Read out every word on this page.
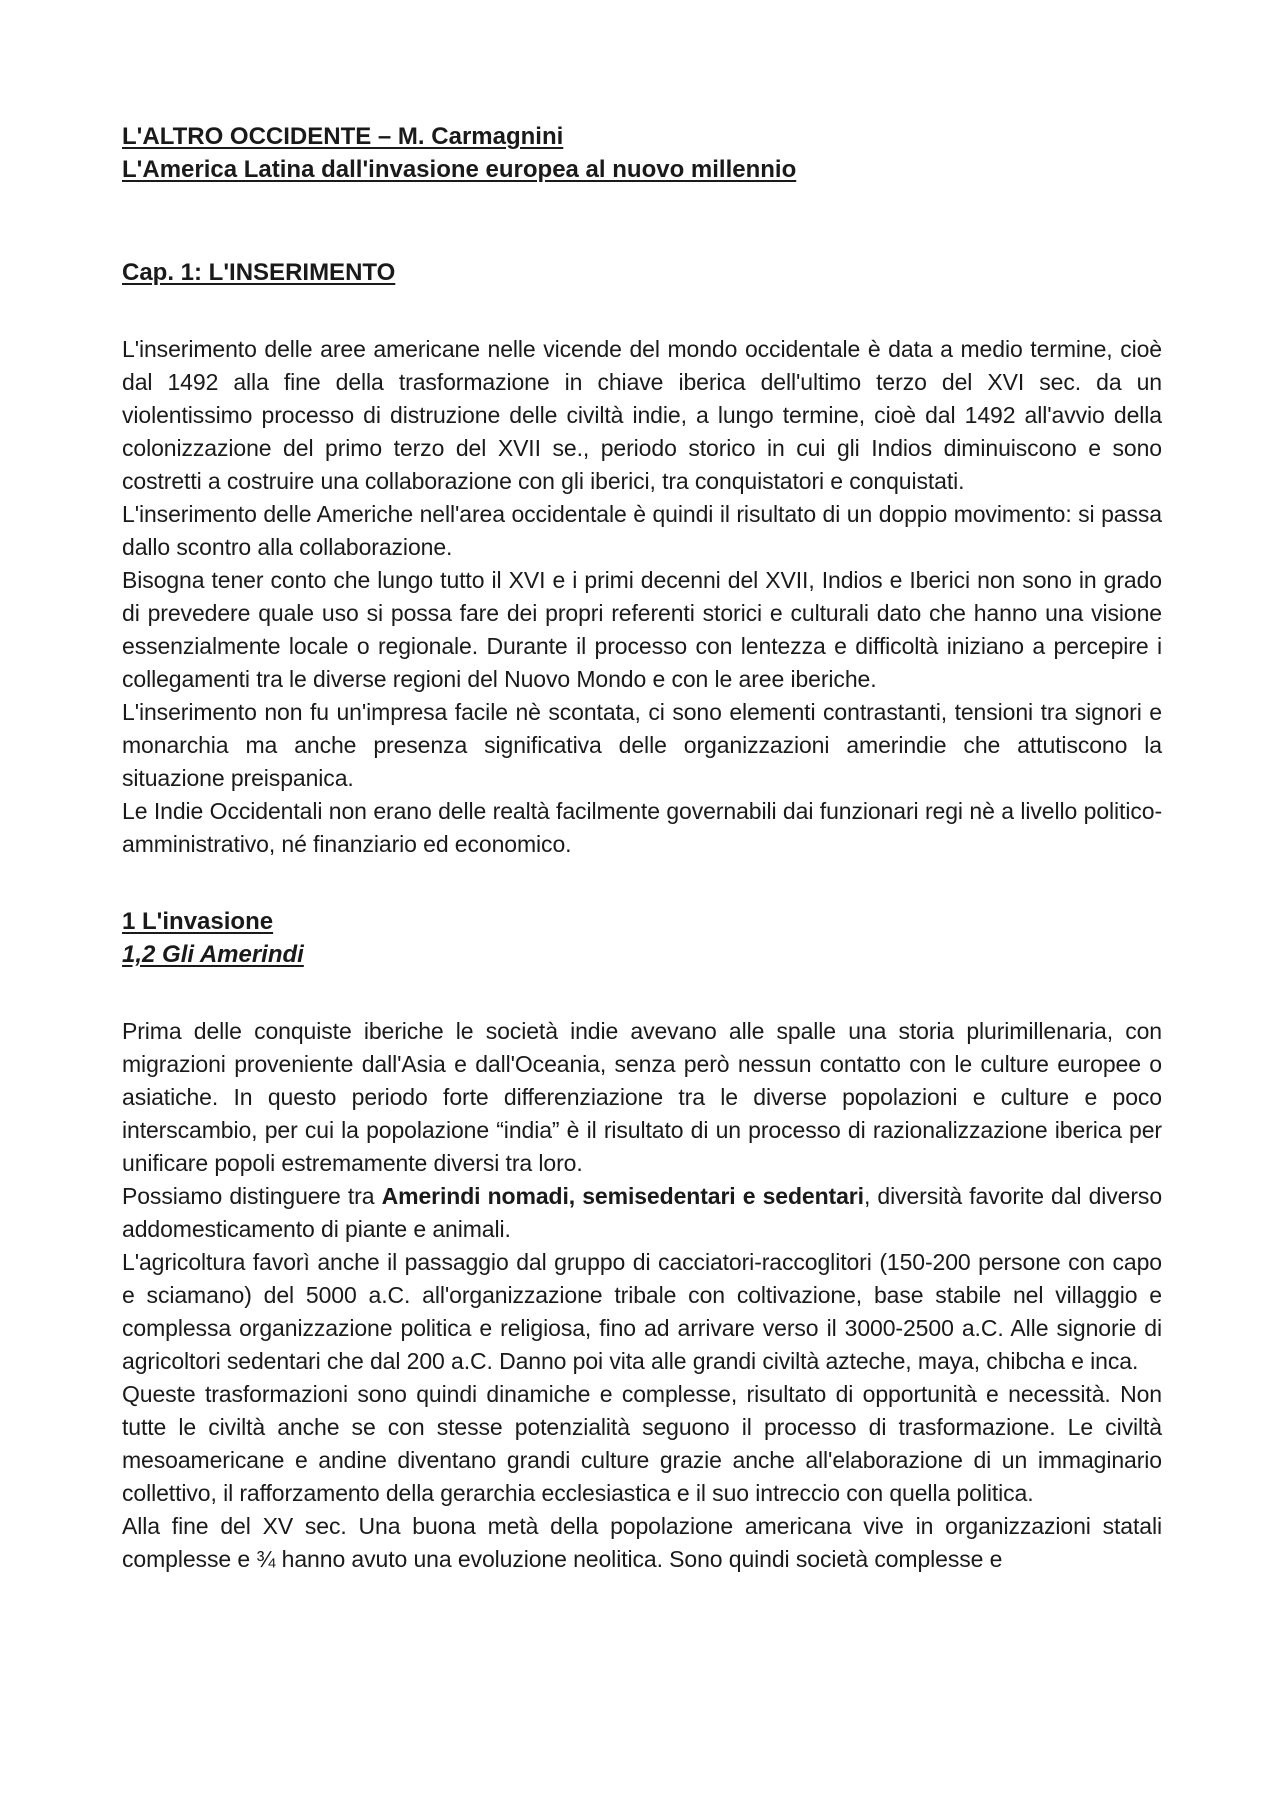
L'ALTRO OCCIDENTE – M. Carmagnini

L'America Latina dall'invasione europea al nuovo millennio

Cap. 1: L'INSERIMENTO

L'inserimento delle aree americane nelle vicende del mondo occidentale è data a medio termine, cioè dal 1492 alla fine della trasformazione in chiave iberica dell'ultimo terzo del XVI sec. da un violentissimo processo di distruzione delle civiltà indie, a lungo termine, cioè dal 1492 all'avvio della colonizzazione del primo terzo del XVII se., periodo storico in cui gli Indios diminuiscono e sono costretti a costruire una collaborazione con gli iberici, tra conquistatori e conquistati.

L'inserimento delle Americhe nell'area occidentale è quindi il risultato di un doppio movimento: si passa dallo scontro alla collaborazione.

Bisogna tener conto che lungo tutto il XVI e i primi decenni del XVII, Indios e Iberici non sono in grado di prevedere quale uso si possa fare dei propri referenti storici e culturali dato che hanno una visione essenzialmente locale o regionale. Durante il processo con lentezza e difficoltà iniziano a percepire i collegamenti tra le diverse regioni del Nuovo Mondo e con le aree iberiche.

L'inserimento non fu un'impresa facile nè scontata, ci sono elementi contrastanti, tensioni tra signori e monarchia ma anche presenza significativa delle organizzazioni amerindie che attutiscono la situazione preispanica.

Le Indie Occidentali non erano delle realtà facilmente governabili dai funzionari regi nè a livello politico-amministrativo, né finanziario ed economico.

1 L'invasione

1,2 Gli Amerindi

Prima delle conquiste iberiche le società indie avevano alle spalle una storia plurimillenaria, con migrazioni proveniente dall'Asia e dall'Oceania, senza però nessun contatto con le culture europee o asiatiche. In questo periodo forte differenziazione tra le diverse popolazioni e culture e poco interscambio, per cui la popolazione “india” è il risultato di un processo di razionalizzazione iberica per unificare popoli estremamente diversi tra loro.

Possiamo distinguere tra Amerindi nomadi, semisedentari e sedentari, diversità favorite dal diverso addomesticamento di piante e animali.

L'agricoltura favorì anche il passaggio dal gruppo di cacciatori-raccoglitori (150-200 persone con capo e sciamano) del 5000 a.C. all'organizzazione tribale con coltivazione, base stabile nel villaggio e complessa organizzazione politica e religiosa, fino ad arrivare verso il 3000-2500 a.C. Alle signorie di agricoltori sedentari che dal 200 a.C. Danno poi vita alle grandi civiltà azteche, maya, chibcha e inca.

Queste trasformazioni sono quindi dinamiche e complesse, risultato di opportunità e necessità. Non tutte le civiltà anche se con stesse potenzialità seguono il processo di trasformazione. Le civiltà mesoamericane e andine diventano grandi culture grazie anche all'elaborazione di un immaginario collettivo, il rafforzamento della gerarchia ecclesiastica e il suo intreccio con quella politica.

Alla fine del XV sec. Una buona metà della popolazione americana vive in organizzazioni statali complesse e ¾ hanno avuto una evoluzione neolitica. Sono quindi società complesse e
